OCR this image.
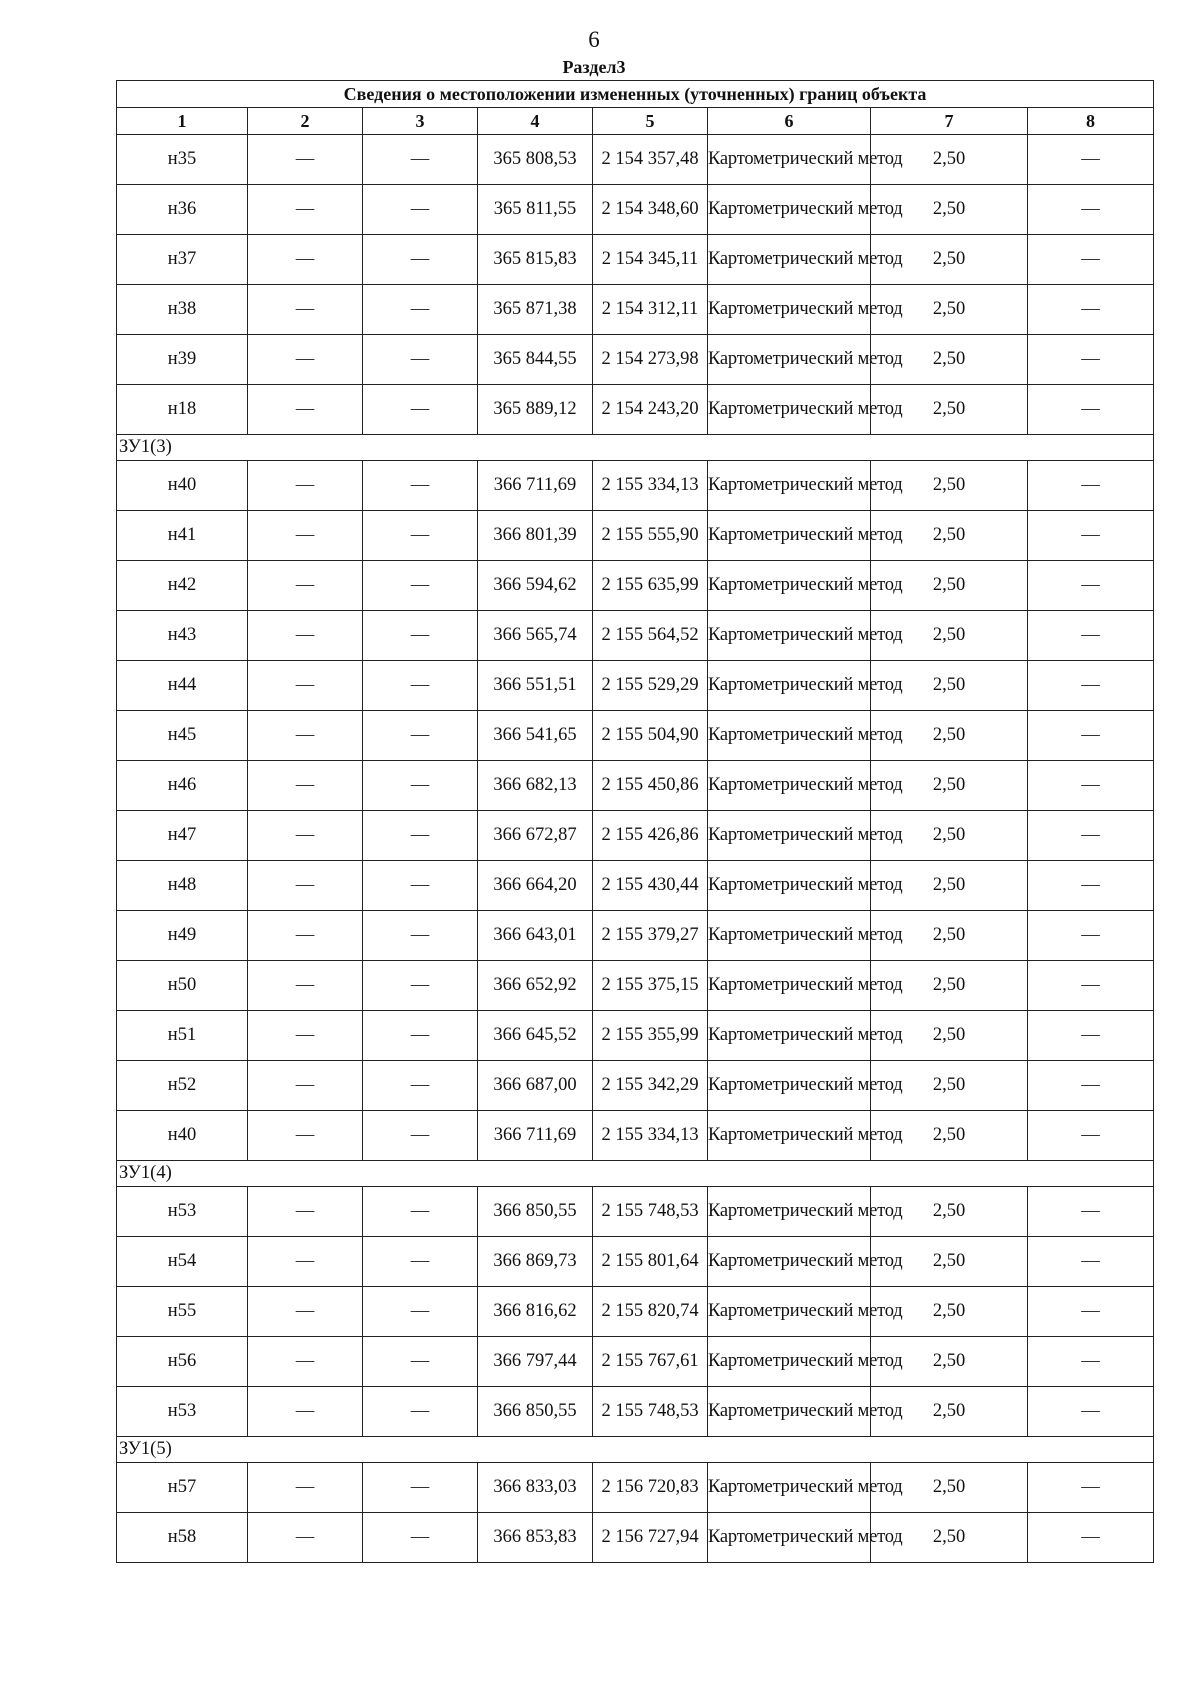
6
Раздел3
Сведения о местоположении измененных (уточненных) границ объекта							
1	2	3	4	5	6	7	8
н35	—	—	365 808,53	2 154 357,48	Картометрический метод	2,50	—
н36	—	—	365 811,55	2 154 348,60	Картометрический метод	2,50	—
н37	—	—	365 815,83	2 154 345,11	Картометрический метод	2,50	—
н38	—	—	365 871,38	2 154 312,11	Картометрический метод	2,50	—
н39	—	—	365 844,55	2 154 273,98	Картометрический метод	2,50	—
н18	—	—	365 889,12	2 154 243,20	Картометрический метод	2,50	—
ЗУ1(3)							
н40	—	—	366 711,69	2 155 334,13	Картометрический метод	2,50	—
н41	—	—	366 801,39	2 155 555,90	Картометрический метод	2,50	—
н42	—	—	366 594,62	2 155 635,99	Картометрический метод	2,50	—
н43	—	—	366 565,74	2 155 564,52	Картометрический метод	2,50	—
н44	—	—	366 551,51	2 155 529,29	Картометрический метод	2,50	—
н45	—	—	366 541,65	2 155 504,90	Картометрический метод	2,50	—
н46	—	—	366 682,13	2 155 450,86	Картометрический метод	2,50	—
н47	—	—	366 672,87	2 155 426,86	Картометрический метод	2,50	—
н48	—	—	366 664,20	2 155 430,44	Картометрический метод	2,50	—
н49	—	—	366 643,01	2 155 379,27	Картометрический метод	2,50	—
н50	—	—	366 652,92	2 155 375,15	Картометрический метод	2,50	—
н51	—	—	366 645,52	2 155 355,99	Картометрический метод	2,50	—
н52	—	—	366 687,00	2 155 342,29	Картометрический метод	2,50	—
н40	—	—	366 711,69	2 155 334,13	Картометрический метод	2,50	—
ЗУ1(4)							
н53	—	—	366 850,55	2 155 748,53	Картометрический метод	2,50	—
н54	—	—	366 869,73	2 155 801,64	Картометрический метод	2,50	—
н55	—	—	366 816,62	2 155 820,74	Картометрический метод	2,50	—
н56	—	—	366 797,44	2 155 767,61	Картометрический метод	2,50	—
н53	—	—	366 850,55	2 155 748,53	Картометрический метод	2,50	—
ЗУ1(5)							
н57	—	—	366 833,03	2 156 720,83	Картометрический метод	2,50	—
н58	—	—	366 853,83	2 156 727,94	Картометрический метод	2,50	—
